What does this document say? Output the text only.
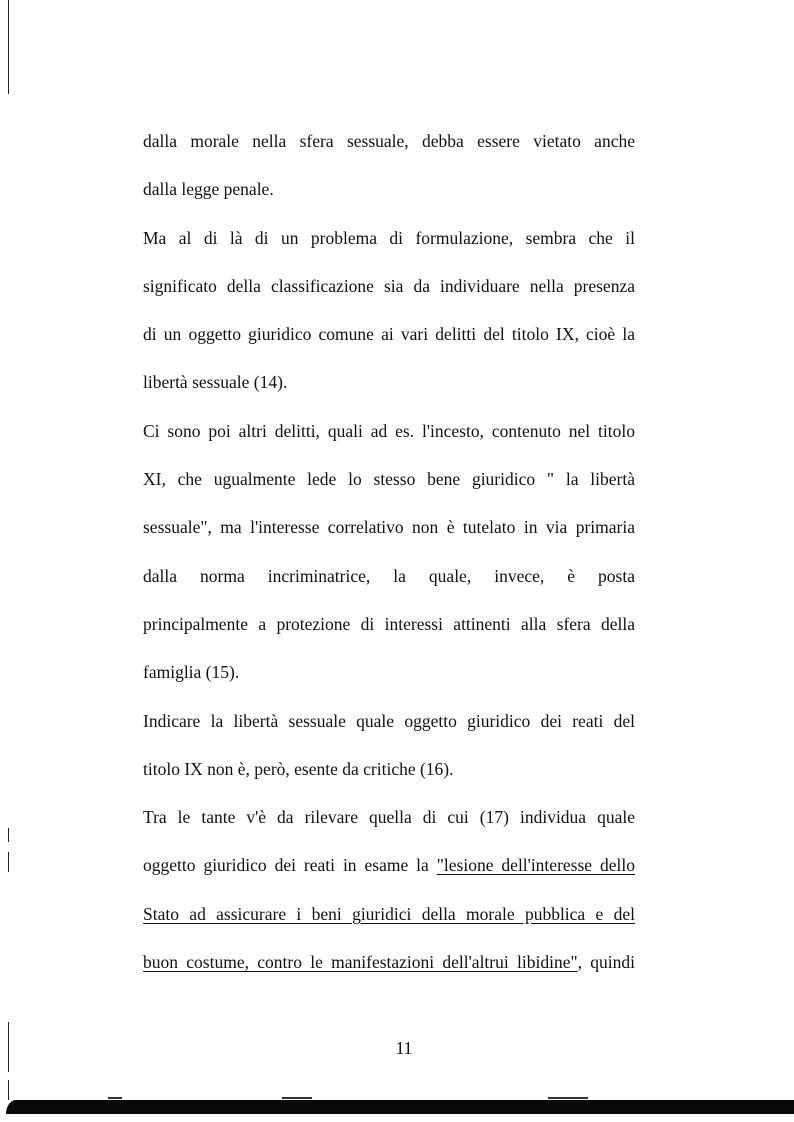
dalla morale nella sfera sessuale, debba essere vietato anche
dalla legge penale.
Ma al di là di un problema di formulazione, sembra che il
significato della classificazione sia da individuare nella presenza
di un oggetto giuridico comune ai vari delitti del titolo IX, cioè la
libertà sessuale (14).
Ci sono poi altri delitti, quali ad es. l'incesto, contenuto nel titolo
XI, che ugualmente lede lo stesso bene giuridico " la libertà
sessuale", ma l'interesse correlativo non è tutelato in via primaria
dalla norma incriminatrice, la quale, invece, è posta
principalmente a protezione di interessi attinenti alla sfera della
famiglia (15).
Indicare la libertà sessuale quale oggetto giuridico dei reati del
titolo IX non è, però, esente da critiche (16).
Tra le tante v'è da rilevare quella di cui (17) individua quale
oggetto giuridico dei reati in esame la "lesione dell'interesse dello
Stato ad assicurare i beni giuridici della morale pubblica e del
buon costume, contro le manifestazioni dell'altrui libidine", quindi
11
